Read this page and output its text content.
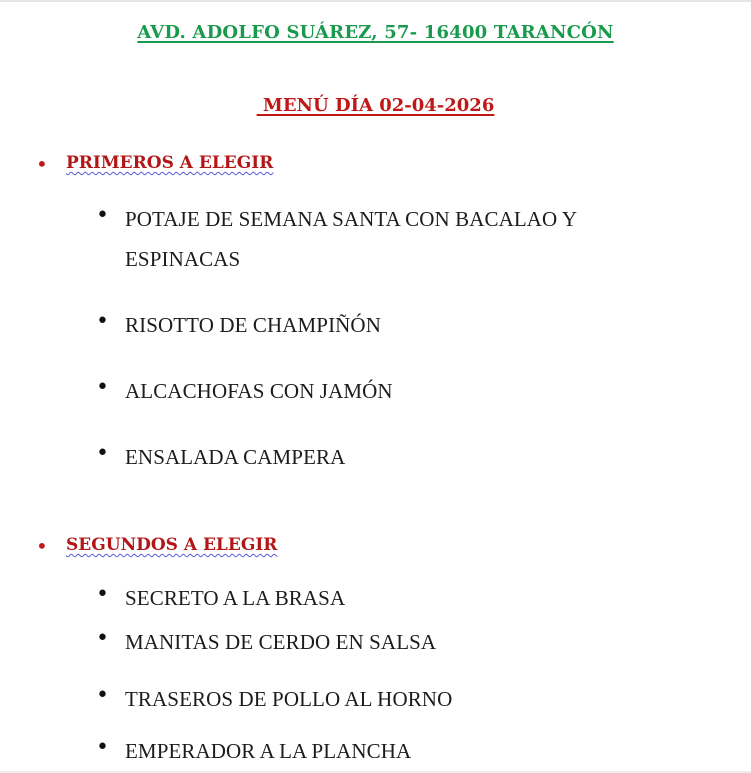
AVD. ADOLFO SUÁREZ, 57- 16400 TARANCÓN
MENÚ DÍA 02-04-2026
•	PRIMEROS A ELEGIR
• POTAJE DE SEMANA SANTA CON BACALAO Y ESPINACAS
• RISOTTO DE CHAMPIÑÓN
• ALCACHOFAS CON JAMÓN
• ENSALADA CAMPERA
•	SEGUNDOS A ELEGIR
• SECRETO A LA BRASA
• MANITAS DE CERDO EN SALSA
• TRASEROS DE POLLO AL HORNO
• EMPERADOR A LA PLANCHA
